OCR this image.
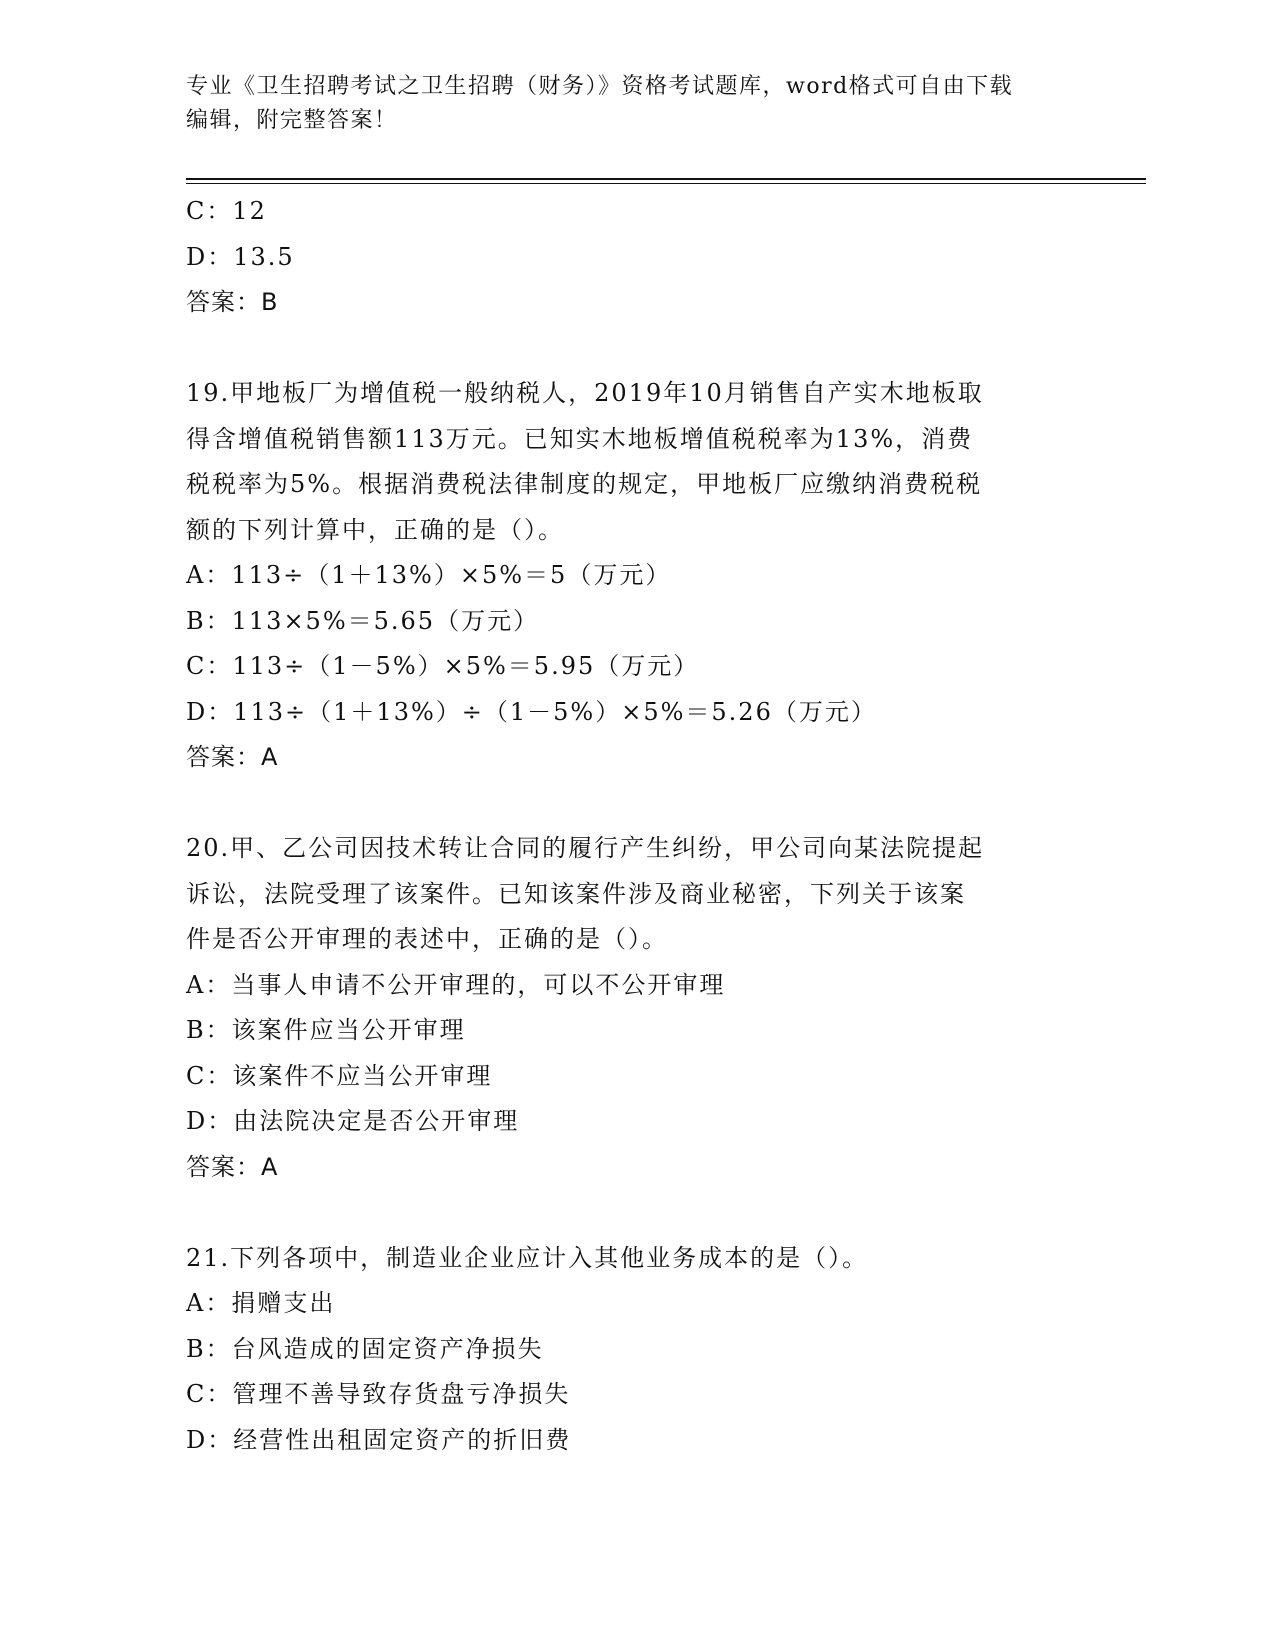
专业《卫生招聘考试之卫生招聘（财务）》资格考试题库，word格式可自由下载
编辑，附完整答案！
C：12
D：13.5
答案：B
19.甲地板厂为增值税一般纳税人，2019年10月销售自产实木地板取
得含增值税销售额113万元。已知实木地板增值税税率为13%，消费
税税率为5%。根据消费税法律制度的规定，甲地板厂应缴纳消费税税
额的下列计算中，正确的是（）。
A：113÷（1＋13%）×5%＝5（万元）
B：113×5%＝5.65（万元）
C：113÷（1－5%）×5%＝5.95（万元）
D：113÷（1＋13%）÷（1－5%）×5%＝5.26（万元）
答案：A
20.甲、乙公司因技术转让合同的履行产生纠纷，甲公司向某法院提起
诉讼，法院受理了该案件。已知该案件涉及商业秘密，下列关于该案
件是否公开审理的表述中，正确的是（）。
A：当事人申请不公开审理的，可以不公开审理
B：该案件应当公开审理
C：该案件不应当公开审理
D：由法院决定是否公开审理
答案：A
21.下列各项中，制造业企业应计入其他业务成本的是（）。
A：捐赠支出
B：台风造成的固定资产净损失
C：管理不善导致存货盘亏净损失
D：经营性出租固定资产的折旧费
